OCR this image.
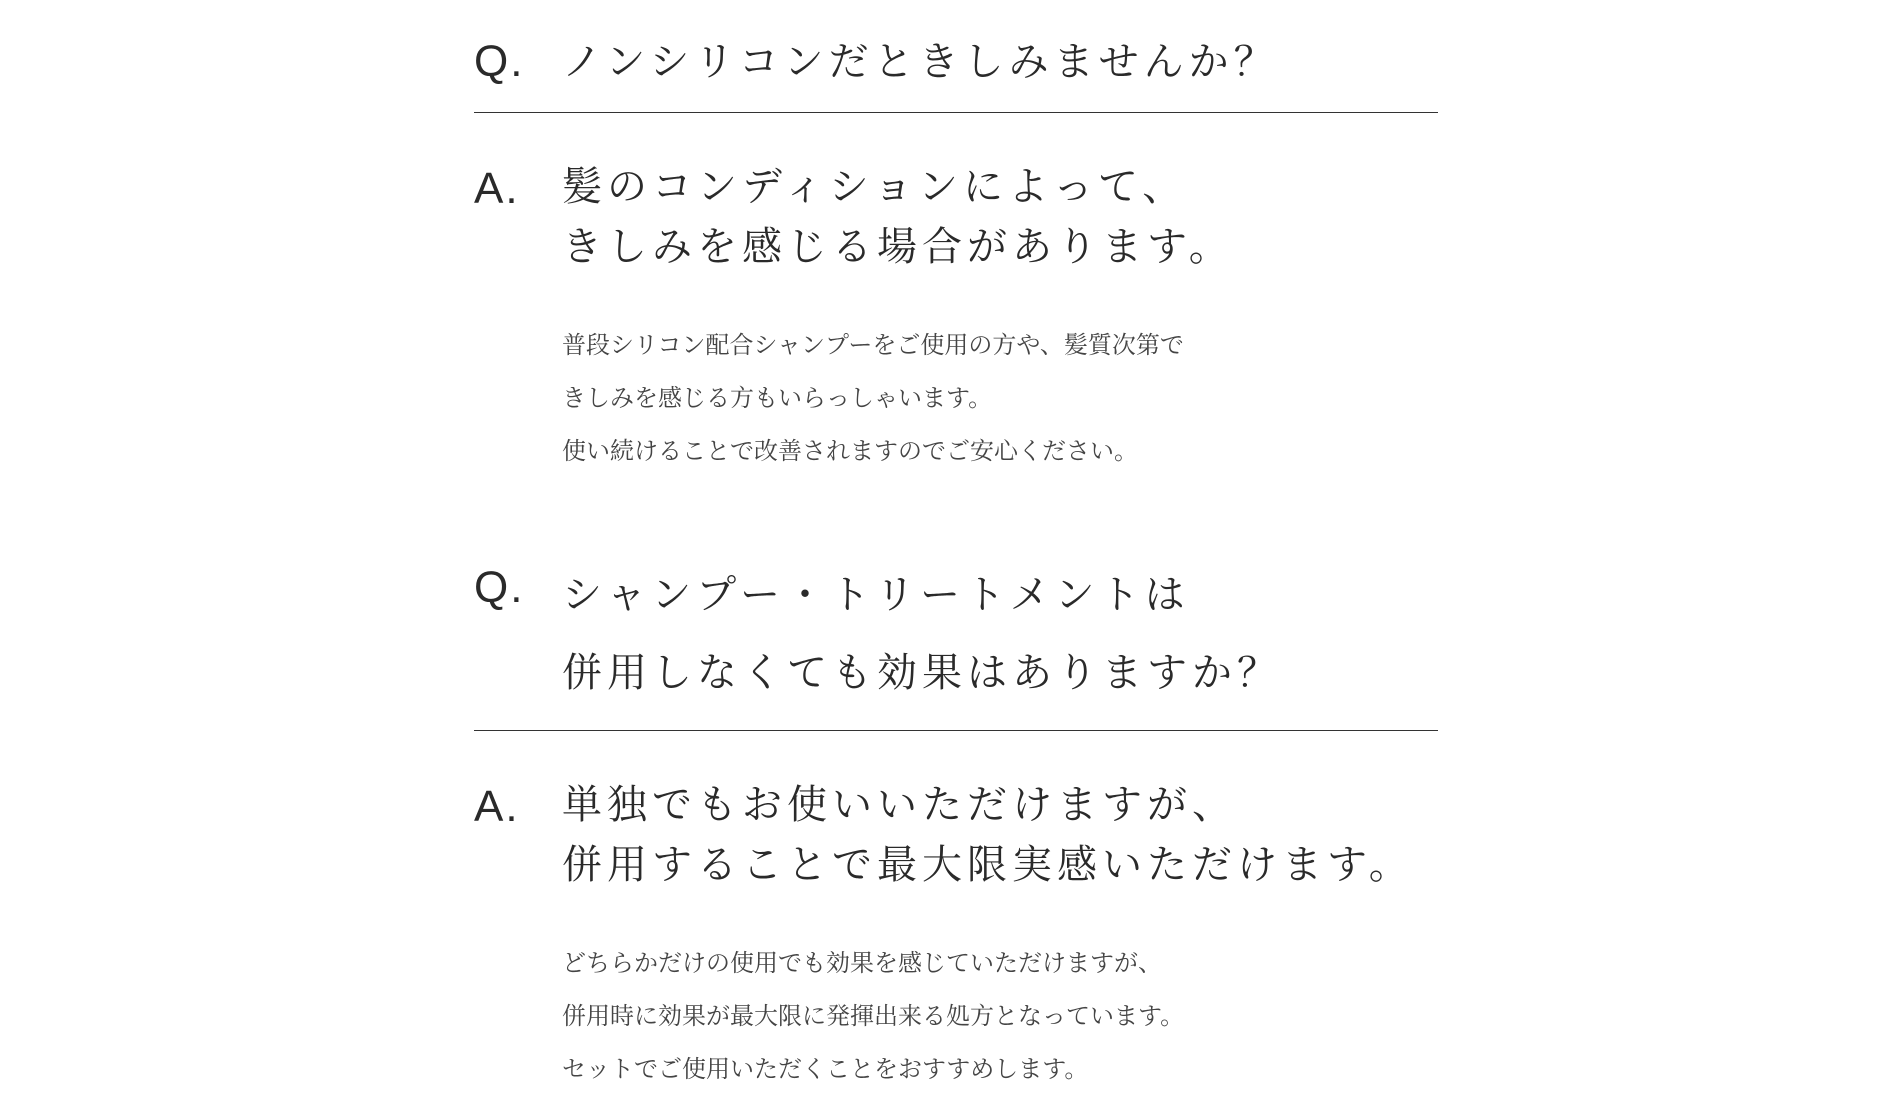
Q. ノンシリコンだときしみませんか？
A.	髪のコンディションによって、
きしみを感じる場合があります。
普段シリコン配合シャンプーをご使用の方や、髪質次第で
きしみを感じる方もいらっしゃいます。
使い続けることで改善されますのでご安心ください。
Q. シャンプー・トリートメントは
併用しなくても効果はありますか？
A.	単独でもお使いいただけますが、
併用することで最大限実感いただけます。
どちらかだけの使用でも効果を感じていただけますが、
併用時に効果が最大限に発揮出来る処方となっています。
セットでご使用いただくことをおすすめします。
